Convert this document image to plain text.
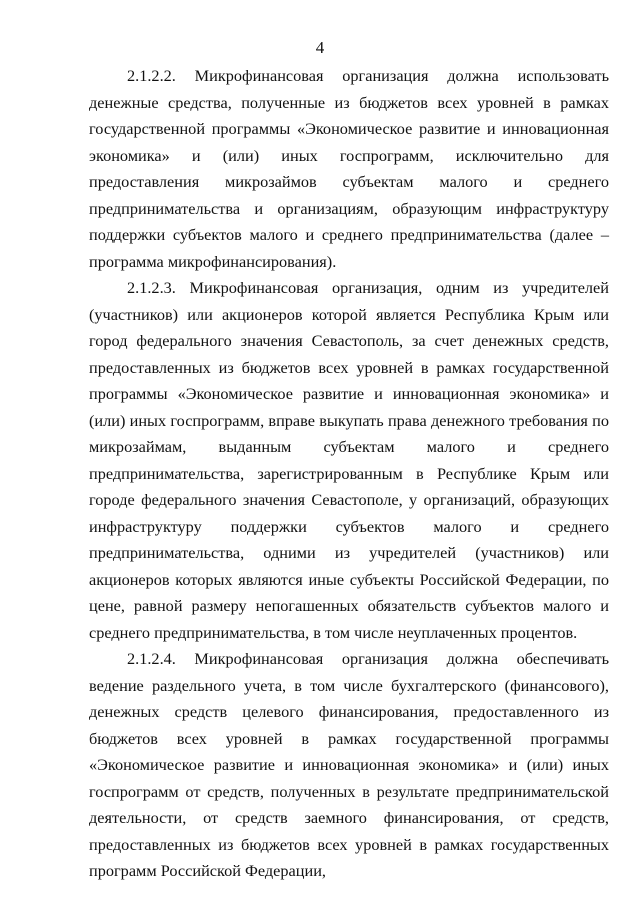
4

2.1.2.2. Микрофинансовая организация должна использовать денежные средства, полученные из бюджетов всех уровней в рамках государственной программы «Экономическое развитие и инновационная экономика» и (или) иных госпрограмм, исключительно для предоставления микрозаймов субъектам малого и среднего предпринимательства и организациям, образующим инфраструктуру поддержки субъектов малого и среднего предпринимательства (далее – программа микрофинансирования).

2.1.2.3. Микрофинансовая организация, одним из учредителей (участников) или акционеров которой является Республика Крым или город федерального значения Севастополь, за счет денежных средств, предоставленных из бюджетов всех уровней в рамках государственной программы «Экономическое развитие и инновационная экономика» и (или) иных госпрограмм, вправе выкупать права денежного требования по микрозаймам, выданным субъектам малого и среднего предпринимательства, зарегистрированным в Республике Крым или городе федерального значения Севастополе, у организаций, образующих инфраструктуру поддержки субъектов малого и среднего предпринимательства, одними из учредителей (участников) или акционеров которых являются иные субъекты Российской Федерации, по цене, равной размеру непогашенных обязательств субъектов малого и среднего предпринимательства, в том числе неуплаченных процентов.

2.1.2.4. Микрофинансовая организация должна обеспечивать ведение раздельного учета, в том числе бухгалтерского (финансового), денежных средств целевого финансирования, предоставленного из бюджетов всех уровней в рамках государственной программы «Экономическое развитие и инновационная экономика» и (или) иных госпрограмм от средств, полученных в результате предпринимательской деятельности, от средств заемного финансирования, от средств, предоставленных из бюджетов всех уровней в рамках государственных программ Российской Федерации,
